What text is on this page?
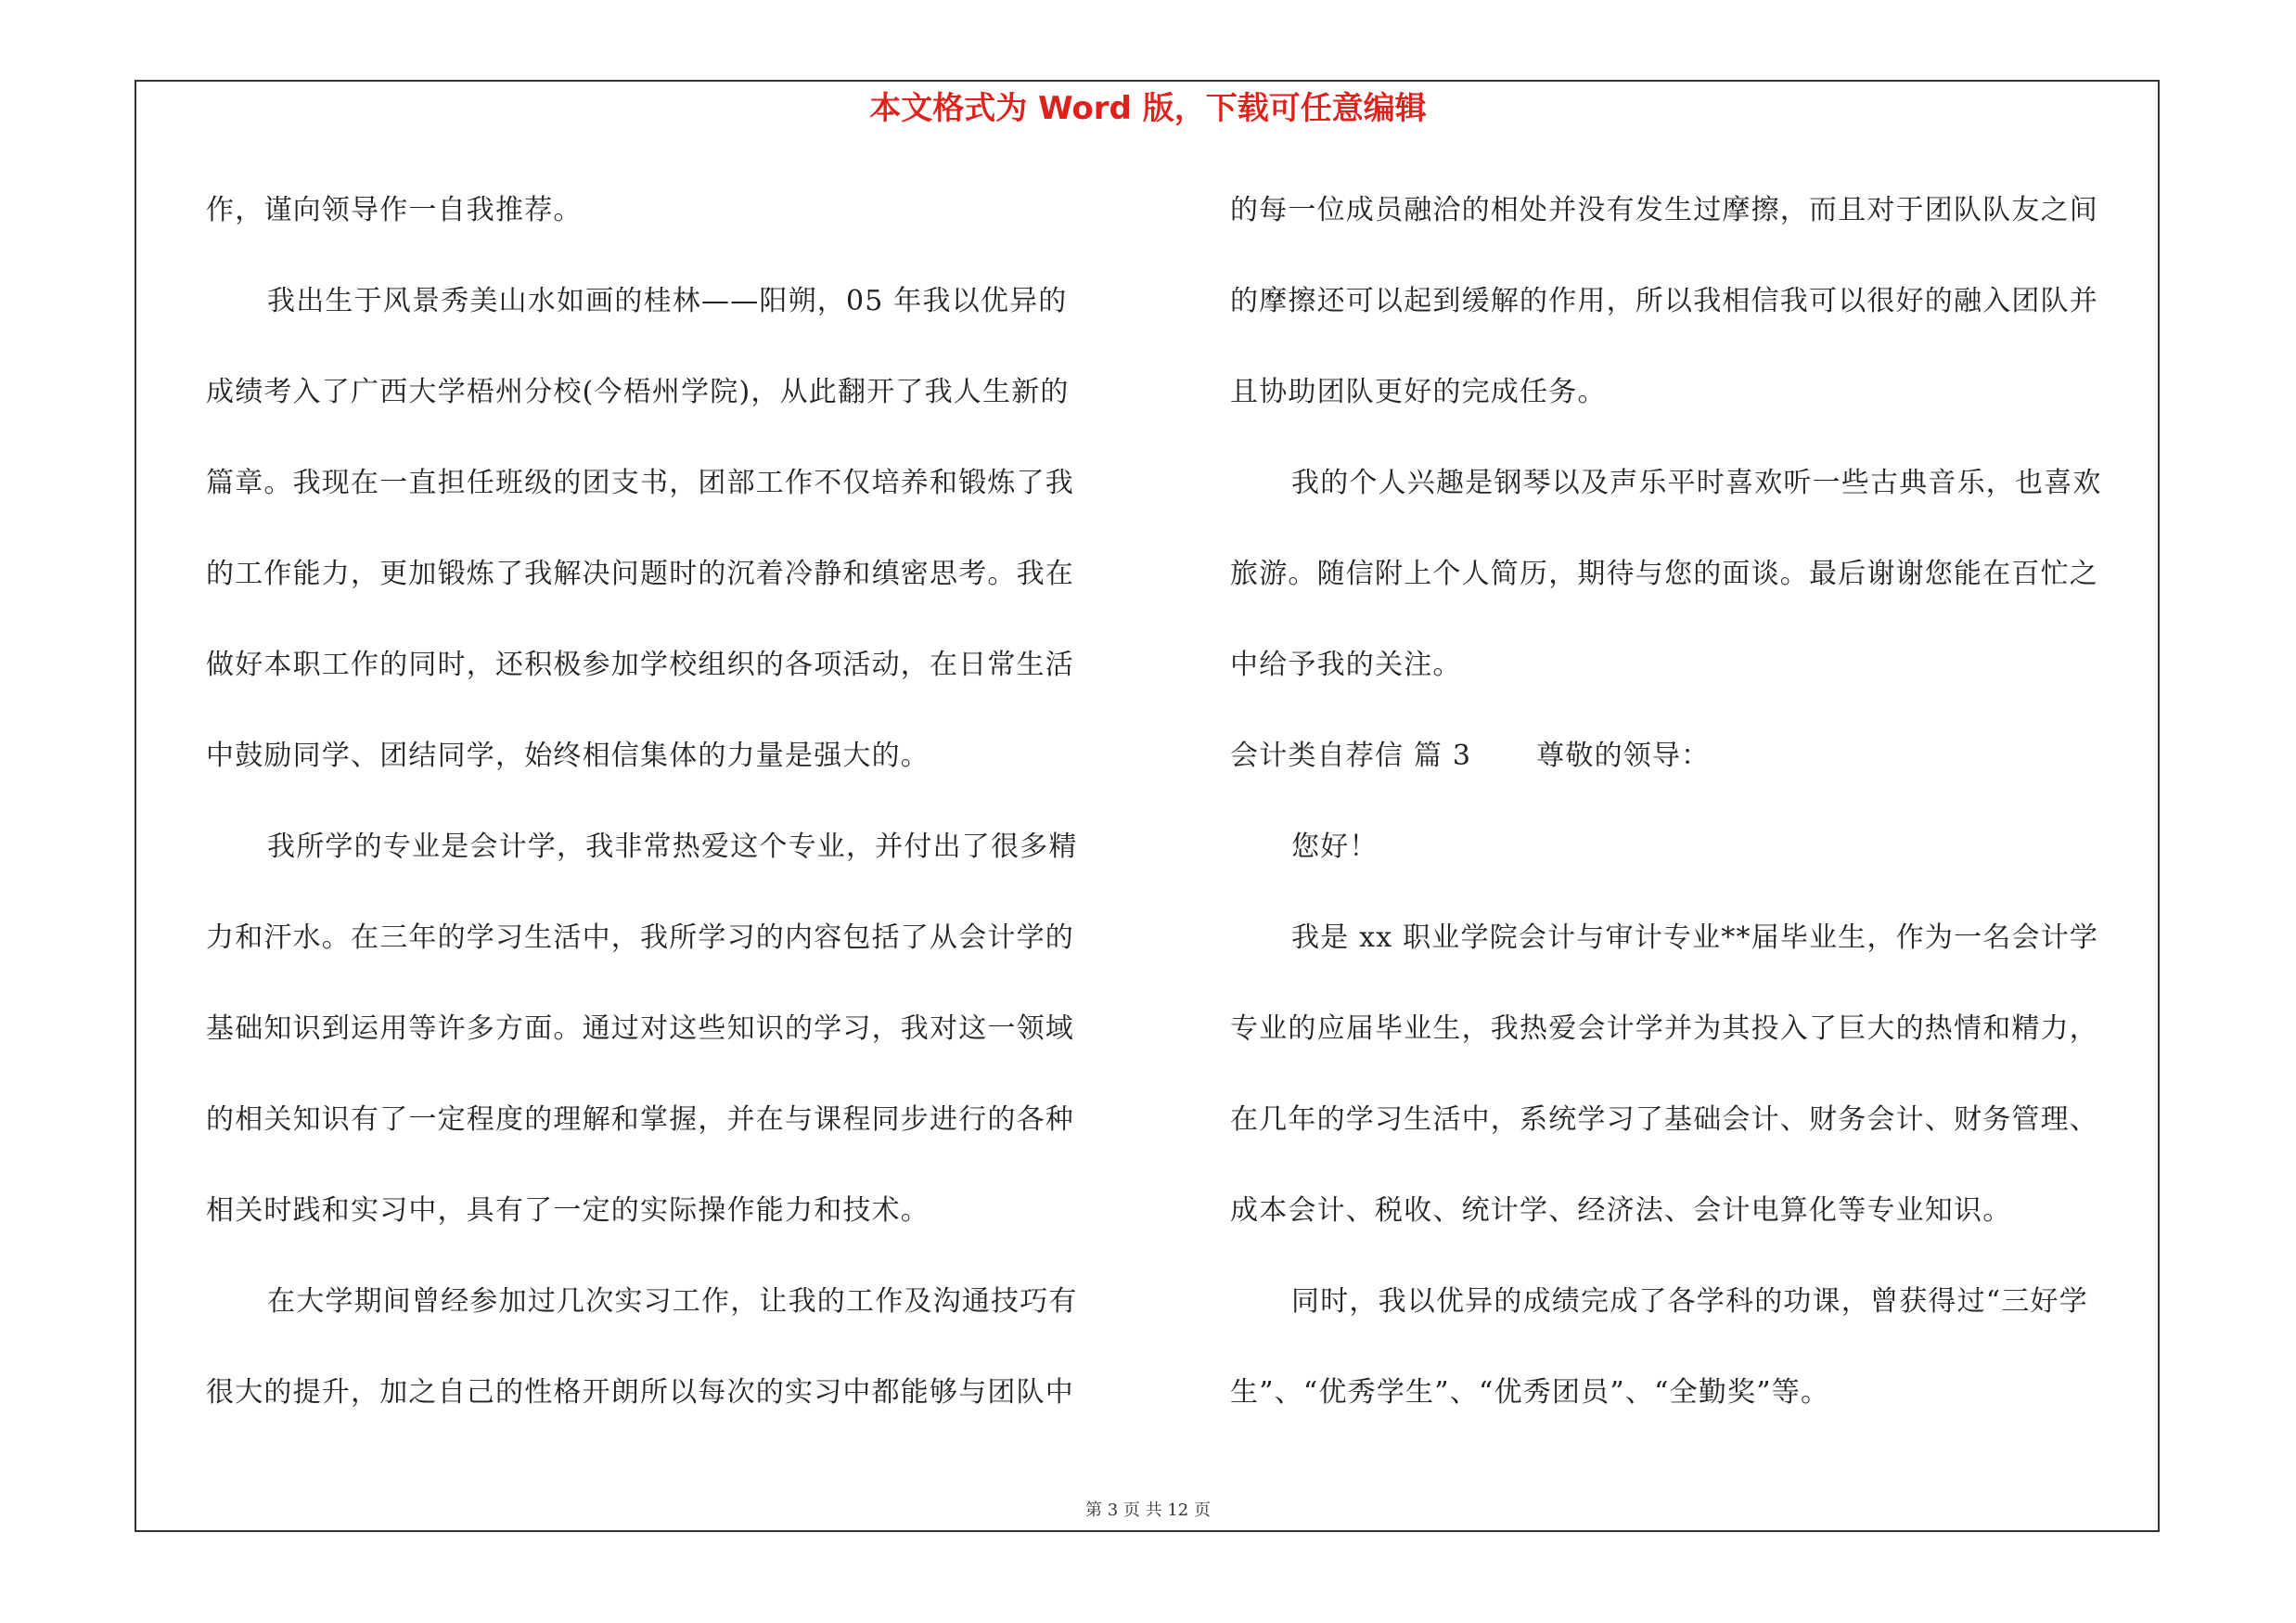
本文格式为 Word 版，下载可任意编辑
作，谨向领导作一自我推荐。
我出生于风景秀美山水如画的桂林——阳朔，05 年我以优异的
成绩考入了广西大学梧州分校(今梧州学院)，从此翻开了我人生新的
篇章。我现在一直担任班级的团支书，团部工作不仅培养和锻炼了我
的工作能力，更加锻炼了我解决问题时的沉着冷静和缜密思考。我在
做好本职工作的同时，还积极参加学校组织的各项活动，在日常生活
中鼓励同学、团结同学，始终相信集体的力量是强大的。
我所学的专业是会计学，我非常热爱这个专业，并付出了很多精
力和汗水。在三年的学习生活中，我所学习的内容包括了从会计学的
基础知识到运用等许多方面。通过对这些知识的学习，我对这一领域
的相关知识有了一定程度的理解和掌握，并在与课程同步进行的各种
相关时践和实习中，具有了一定的实际操作能力和技术。
在大学期间曾经参加过几次实习工作，让我的工作及沟通技巧有
很大的提升，加之自己的性格开朗所以每次的实习中都能够与团队中
的每一位成员融洽的相处并没有发生过摩擦，而且对于团队队友之间
的摩擦还可以起到缓解的作用，所以我相信我可以很好的融入团队并
且协助团队更好的完成任务。
我的个人兴趣是钢琴以及声乐平时喜欢听一些古典音乐，也喜欢
旅游。随信附上个人简历，期待与您的面谈。最后谢谢您能在百忙之
中给予我的关注。
会计类自荐信 篇 3 尊敬的领导：
您好！
我是 xx 职业学院会计与审计专业**届毕业生，作为一名会计学
专业的应届毕业生，我热爱会计学并为其投入了巨大的热情和精力，
在几年的学习生活中，系统学习了基础会计、财务会计、财务管理、
成本会计、税收、统计学、经济法、会计电算化等专业知识。
同时，我以优异的成绩完成了各学科的功课，曾获得过“三好学
生”、“优秀学生”、“优秀团员”、“全勤奖”等。
第 3 页 共 12 页
